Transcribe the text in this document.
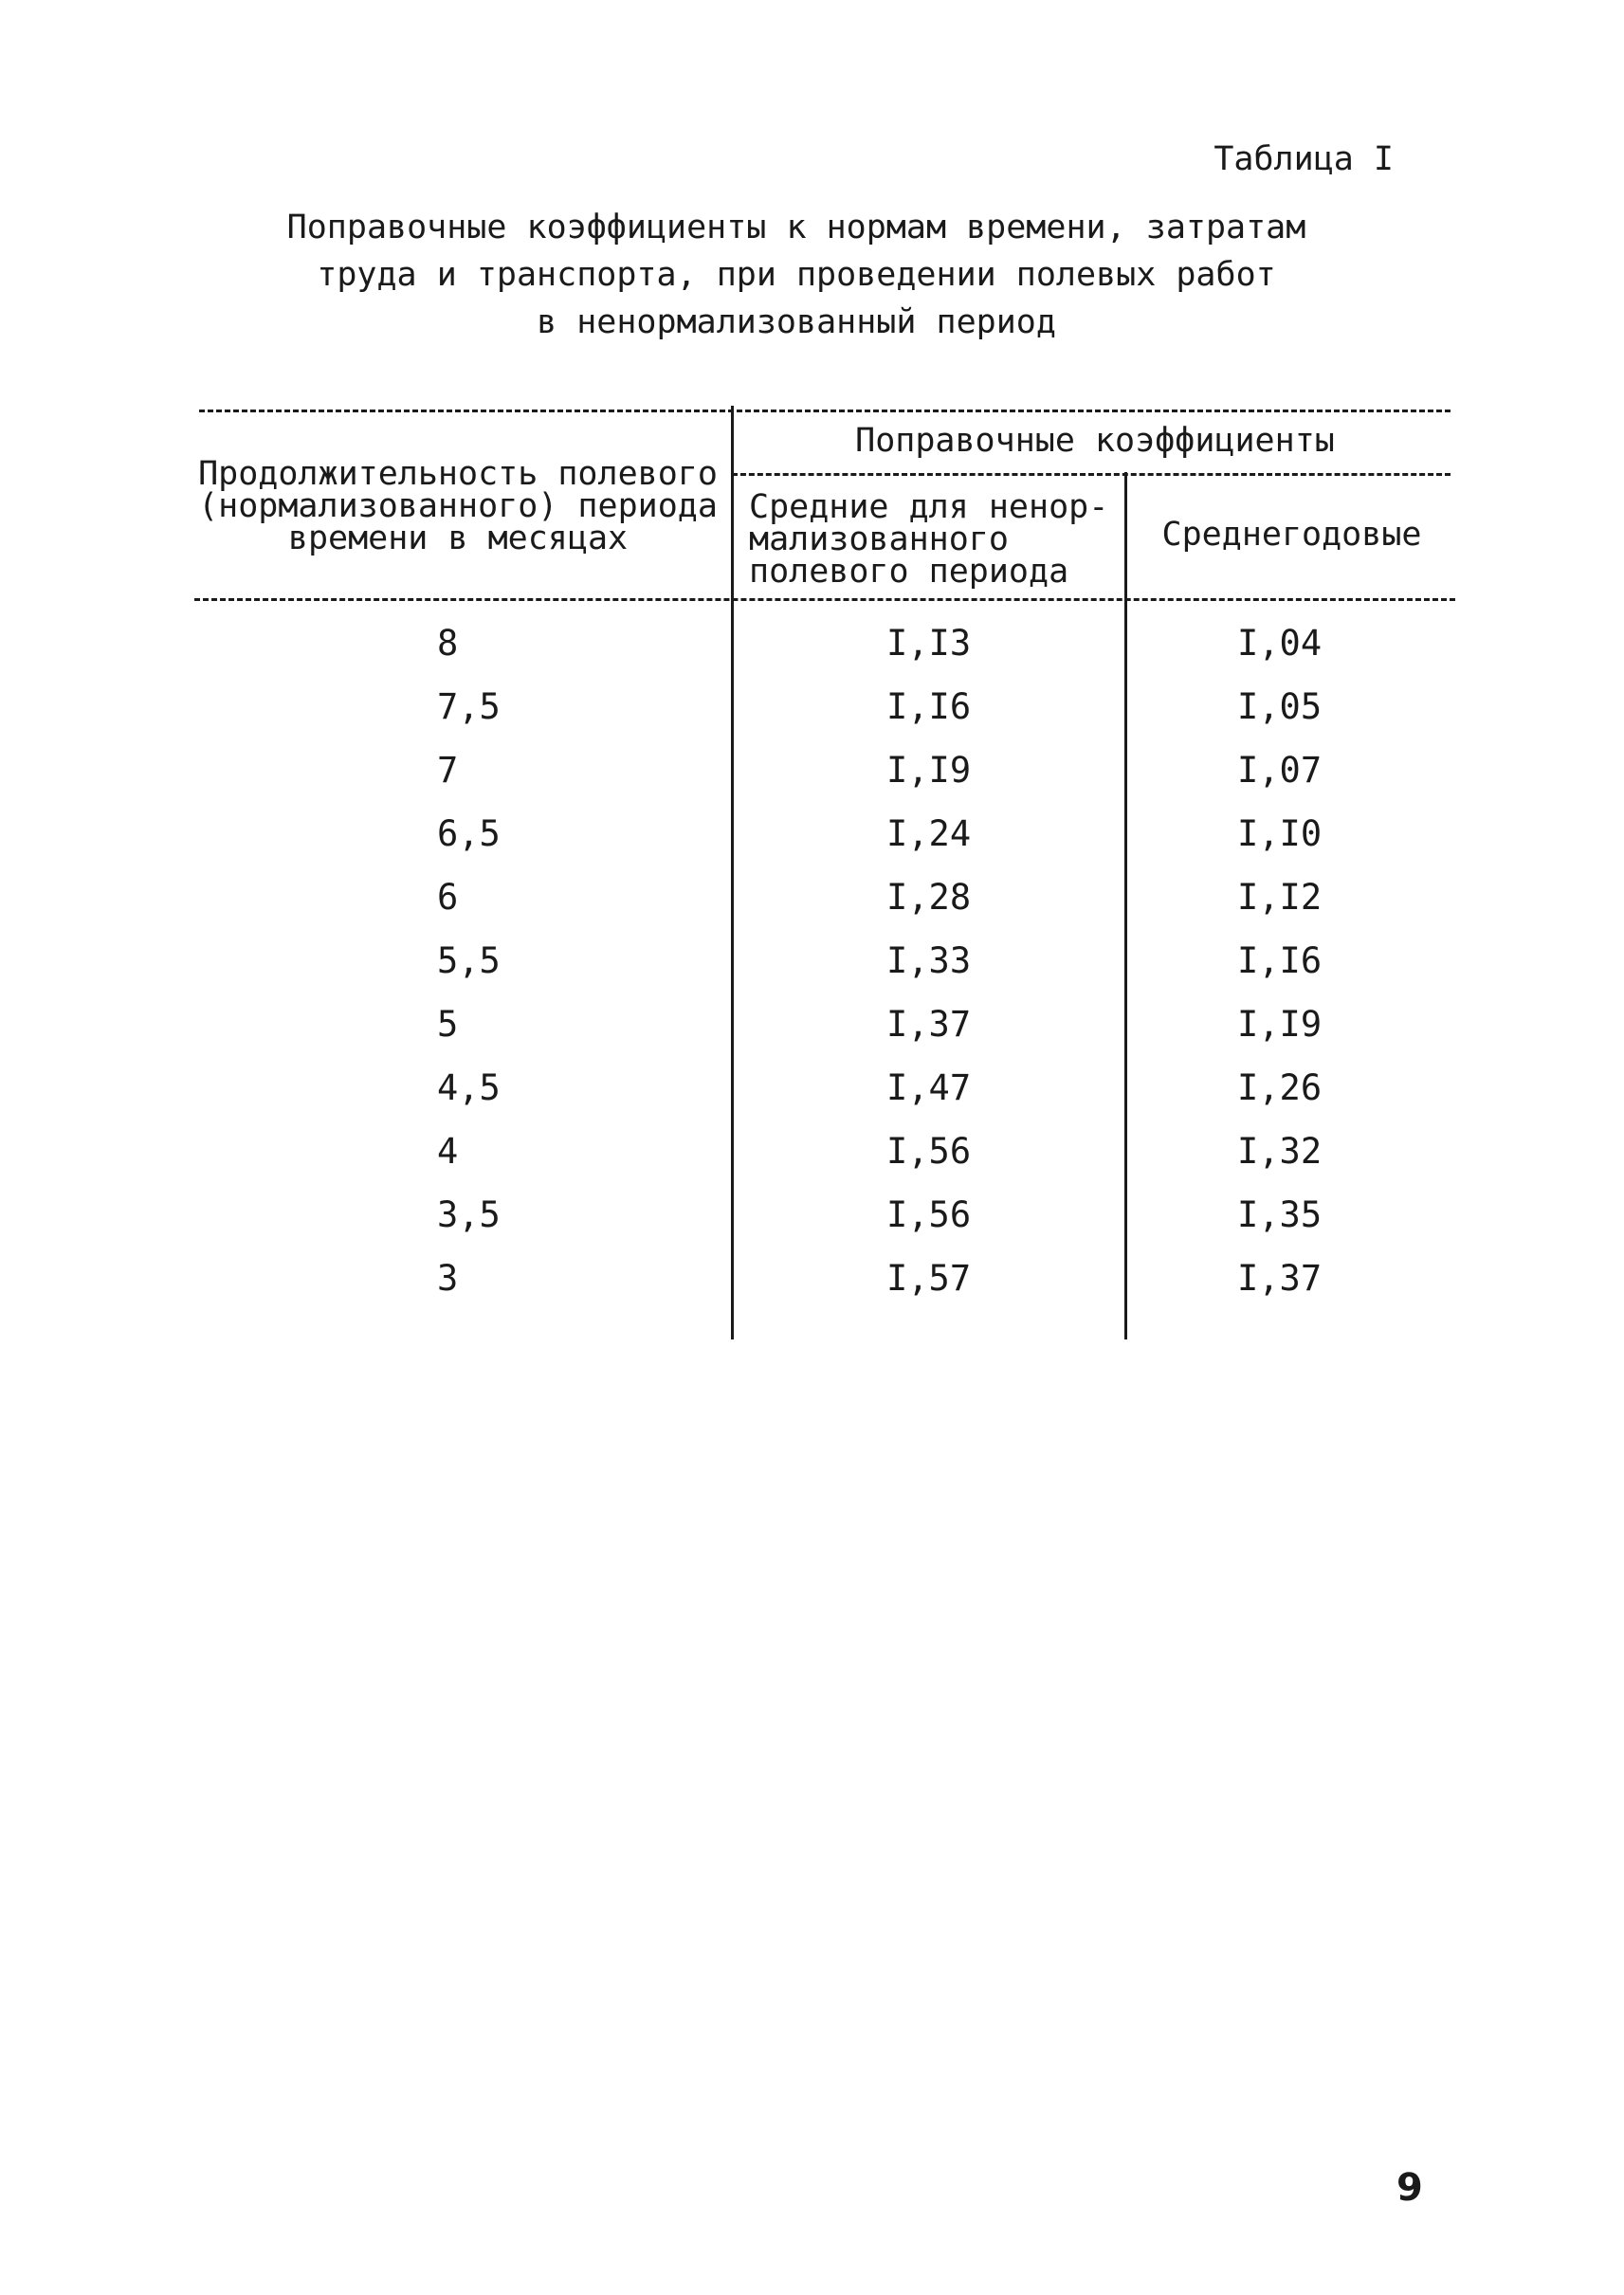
Таблица I
Поправочные коэффициенты к нормам времени, затратам
труда и транспорта, при проведении полевых работ
в ненормализованный период
Продолжительность полевого
(нормализованного) периода
времени в месяцах
Поправочные коэффициенты
Средние для ненор-
мализованного
полевого периода
Среднегодовые
8	I,I3	I,04
7,5	I,I6	I,05
7	I,I9	I,07
6,5	I,24	I,I0
6	I,28	I,I2
5,5	I,33	I,I6
5	I,37	I,I9
4,5	I,47	I,26
4	I,56	I,32
3,5	I,56	I,35
3	I,57	I,37
9
